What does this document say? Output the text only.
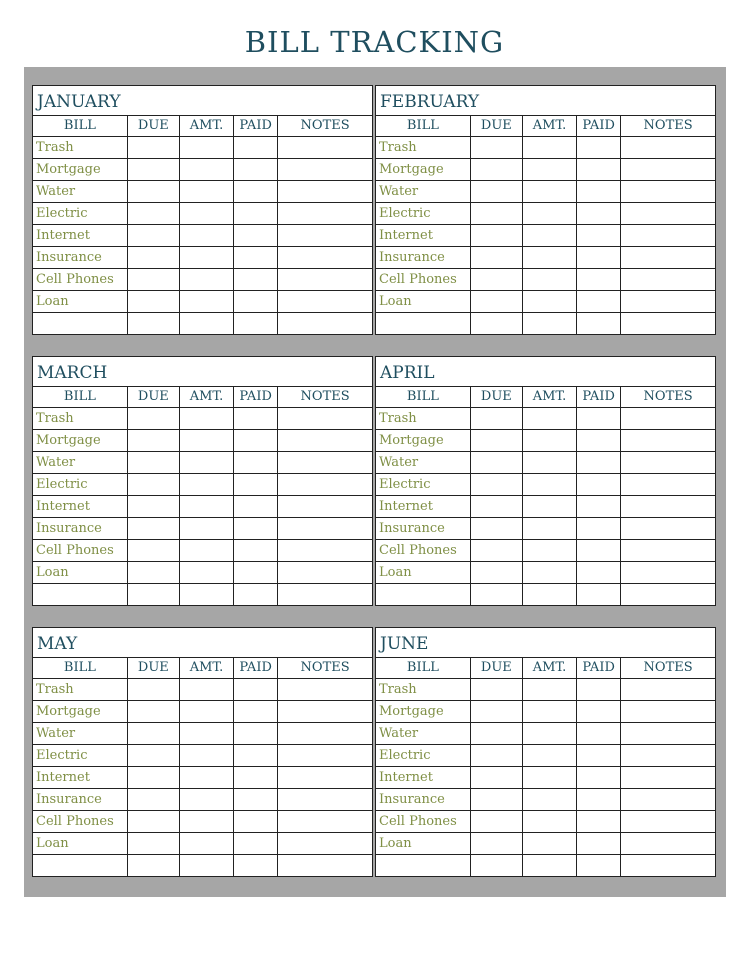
BILL TRACKING
JANUARY
BILL	DUE	AMT.	PAID	NOTES
Trash				
Mortgage				
Water				
Electric				
Internet				
Insurance				
Cell Phones				
Loan				

FEBRUARY
BILL	DUE	AMT.	PAID	NOTES
Trash				
Mortgage				
Water				
Electric				
Internet				
Insurance				
Cell Phones				
Loan				

MARCH
BILL	DUE	AMT.	PAID	NOTES
Trash				
Mortgage				
Water				
Electric				
Internet				
Insurance				
Cell Phones				
Loan				

APRIL
BILL	DUE	AMT.	PAID	NOTES
Trash				
Mortgage				
Water				
Electric				
Internet				
Insurance				
Cell Phones				
Loan				

MAY
BILL	DUE	AMT.	PAID	NOTES
Trash				
Mortgage				
Water				
Electric				
Internet				
Insurance				
Cell Phones				
Loan				

JUNE
BILL	DUE	AMT.	PAID	NOTES
Trash				
Mortgage				
Water				
Electric				
Internet				
Insurance				
Cell Phones				
Loan				
